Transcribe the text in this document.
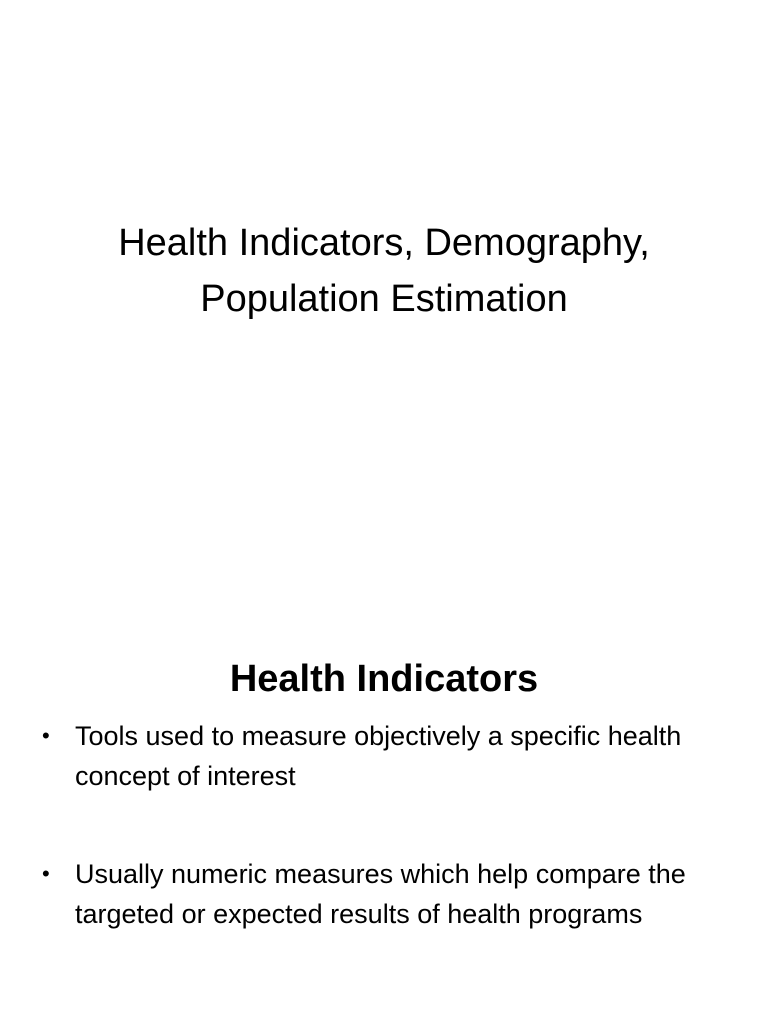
Health Indicators, Demography,
Population Estimation
Health Indicators
• Tools used to measure objectively a specific health concept of interest
• Usually numeric measures which help compare the targeted or expected results of health programs
